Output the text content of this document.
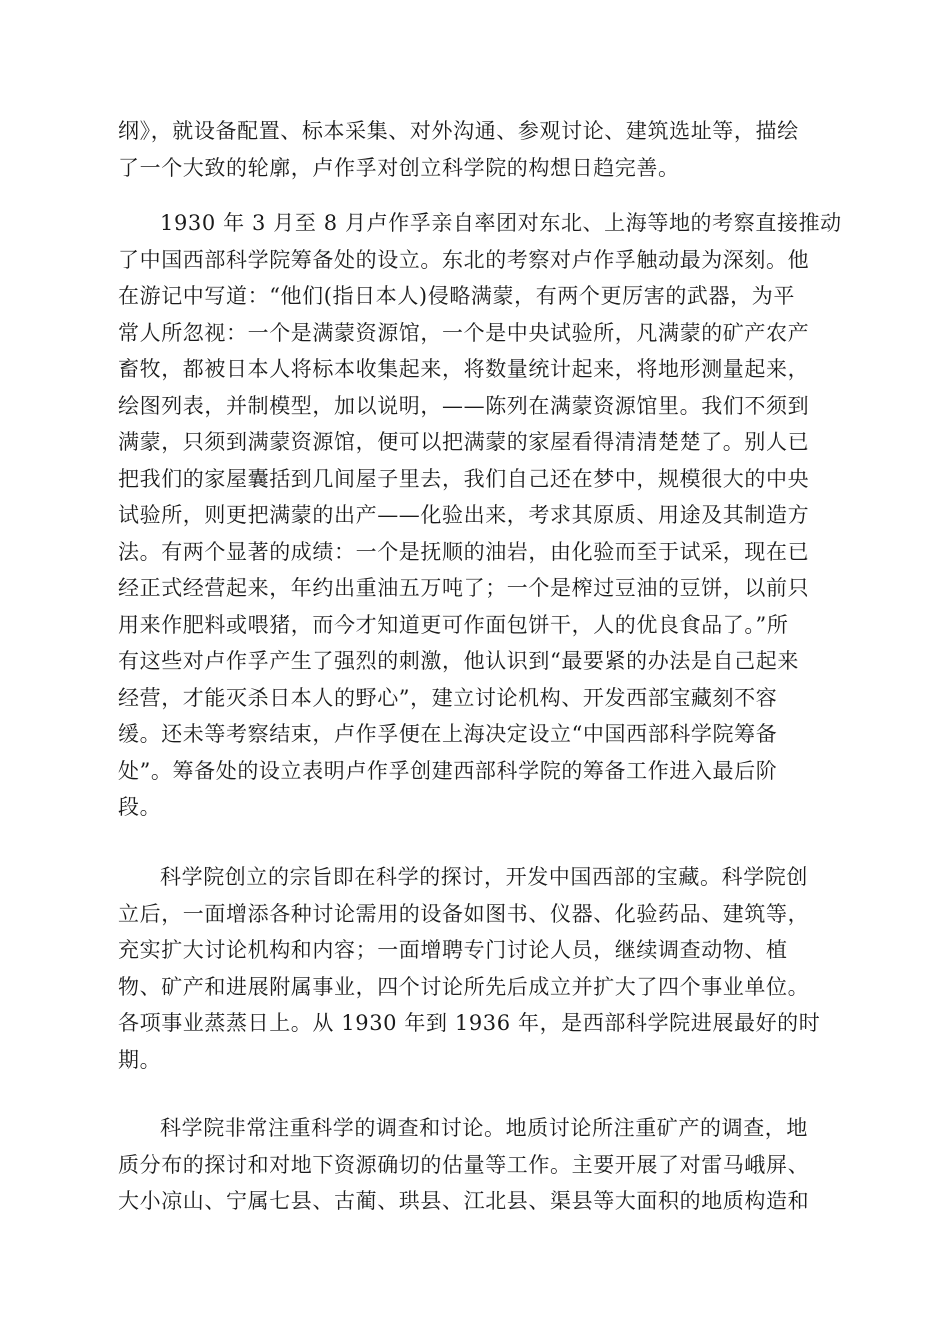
纲》，就设备配置、标本采集、对外沟通、参观讨论、建筑选址等，描绘
了一个大致的轮廓，卢作孚对创立科学院的构想日趋完善。
1930 年 3 月至 8 月卢作孚亲自率团对东北、上海等地的考察直接推动
了中国西部科学院筹备处的设立。东北的考察对卢作孚触动最为深刻。他
在游记中写道：“他们(指日本人)侵略满蒙，有两个更厉害的武器，为平
常人所忽视：一个是满蒙资源馆，一个是中央试验所，凡满蒙的矿产农产
畜牧，都被日本人将标本收集起来，将数量统计起来，将地形测量起来，
绘图列表，并制模型，加以说明，——陈列在满蒙资源馆里。我们不须到
满蒙，只须到满蒙资源馆，便可以把满蒙的家屋看得清清楚楚了。别人已
把我们的家屋囊括到几间屋子里去，我们自己还在梦中，规模很大的中央
试验所，则更把满蒙的出产——化验出来，考求其原质、用途及其制造方
法。有两个显著的成绩：一个是抚顺的油岩，由化验而至于试采，现在已
经正式经营起来，年约出重油五万吨了；一个是榨过豆油的豆饼，以前只
用来作肥料或喂猪，而今才知道更可作面包饼干，人的优良食品了。”所
有这些对卢作孚产生了强烈的刺激，他认识到“最要紧的办法是自己起来
经营，才能灭杀日本人的野心”，建立讨论机构、开发西部宝藏刻不容
缓。还未等考察结束，卢作孚便在上海决定设立“中国西部科学院筹备
处”。筹备处的设立表明卢作孚创建西部科学院的筹备工作进入最后阶
段。
科学院创立的宗旨即在科学的探讨，开发中国西部的宝藏。科学院创
立后，一面增添各种讨论需用的设备如图书、仪器、化验药品、建筑等，
充实扩大讨论机构和内容；一面增聘专门讨论人员，继续调查动物、植
物、矿产和进展附属事业，四个讨论所先后成立并扩大了四个事业单位。
各项事业蒸蒸日上。从 1930 年到 1936 年，是西部科学院进展最好的时
期。
科学院非常注重科学的调查和讨论。地质讨论所注重矿产的调查，地
质分布的探讨和对地下资源确切的估量等工作。主要开展了对雷马峨屏、
大小凉山、宁属七县、古蔺、珙县、江北县、渠县等大面积的地质构造和
